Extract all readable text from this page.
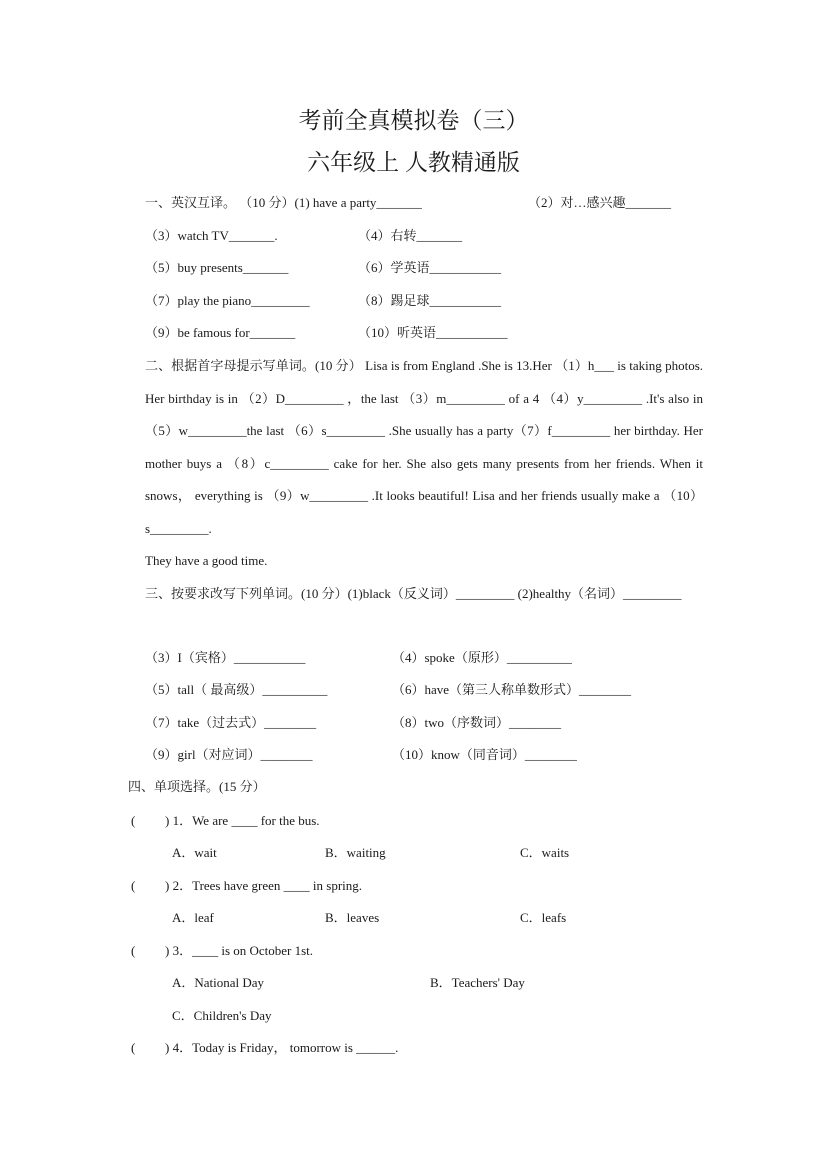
考前全真模拟卷（三）
六年级上 人教精通版
一、英汉互译。 （10 分）(1) have a party_______	（2）对…感兴趣_______
（3）watch TV_______.	（4）右转_______
（5）buy presents_______	（6）学英语___________
（7）play the piano_________	（8）踢足球___________
（9）be famous for_______	（10）听英语___________
二、根据首字母提示写单词。(10 分） Lisa is from England .She is 13.Her （1）h___ is taking photos. Her birthday is in （2）D_________ ，the last （3）m_________ of a 4 （4）y_________ .It's also in （5）w_________the last （6）s_________ .She usually has a party（7）f_________ her birthday. Her mother buys a （8）c_________ cake for her. She also gets many presents from her friends. When it snows， everything is （9）w_________ .It looks beautiful! Lisa and her friends usually make a （10）s_________.
They have a good time.
三、按要求改写下列单词。(10 分）(1)black（反义词）_________ (2)healthy（名词）_________
（3）I（宾格）___________	（4）spoke（原形）__________
（5）tall（ 最高级）__________	（6）have（第三人称单数形式）________
（7）take（过去式）________	（8）two（序数词）________
（9）girl（对应词）________	（10）know（同音词）________
四、单项选择。(15 分）
( ) 1．We are ____ for the bus.
A．wait	B．waiting	C．waits
( ) 2．Trees have green ____ in spring.
A．leaf	B．leaves	C．leafs
( ) 3．____ is on October 1st.
A．National Day	B．Teachers' Day
C．Children's Day
( ) 4．Today is Friday， tomorrow is ______.
